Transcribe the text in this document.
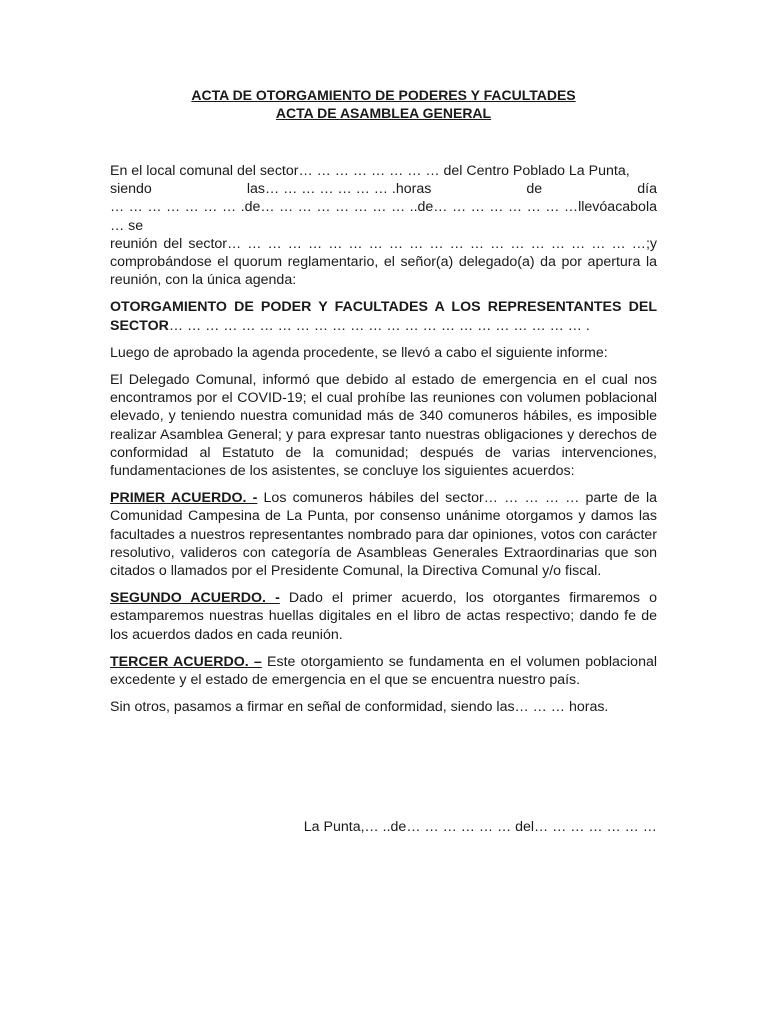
ACTA DE OTORGAMIENTO DE PODERES Y FACULTADES

ACTA DE ASAMBLEA GENERAL

En el local comunal del sector… … … … … … … … del Centro Poblado La Punta,
siendo	las… … … … … … … .horas	de	día
… … … … … … … .de… … … … … … … … ..de… … … … … … … … … se
llevó a cabo la
reunión del sector… … … … … … … … … … … … … … … … … … … … …;y comprobándose el quorum reglamentario, el señor(a) delegado(a) da por apertura la reunión, con la única agenda:

OTORGAMIENTO DE PODER Y FACULTADES A LOS REPRESENTANTES DEL SECTOR… … … … … … … … … … … … … … … … … … … … … … … .

Luego de aprobado la agenda procedente, se llevó a cabo el siguiente informe:

El Delegado Comunal, informó que debido al estado de emergencia en el cual nos encontramos por el COVID-19; el cual prohíbe las reuniones con volumen poblacional elevado, y teniendo nuestra comunidad más de 340 comuneros hábiles, es imposible realizar Asamblea General; y para expresar tanto nuestras obligaciones y derechos de conformidad al Estatuto de la comunidad; después de varias intervenciones, fundamentaciones de los asistentes, se concluye los siguientes acuerdos:

PRIMER ACUERDO. - Los comuneros hábiles del sector… … … … … parte de la Comunidad Campesina de La Punta, por consenso unánime otorgamos y damos las facultades a nuestros representantes nombrado para dar opiniones, votos con carácter resolutivo, valideros con categoría de Asambleas Generales Extraordinarias que son citados o llamados por el Presidente Comunal, la Directiva Comunal y/o fiscal.

SEGUNDO ACUERDO. - Dado el primer acuerdo, los otorgantes firmaremos o estamparemos nuestras huellas digitales en el libro de actas respectivo; dando fe de los acuerdos dados en cada reunión.

TERCER ACUERDO. – Este otorgamiento se fundamenta en el volumen poblacional excedente y el estado de emergencia en el que se encuentra nuestro país.

Sin otros, pasamos a firmar en señal de conformidad, siendo las… … … horas.

La Punta,… ..de… … … … … … del… … … … … … …
